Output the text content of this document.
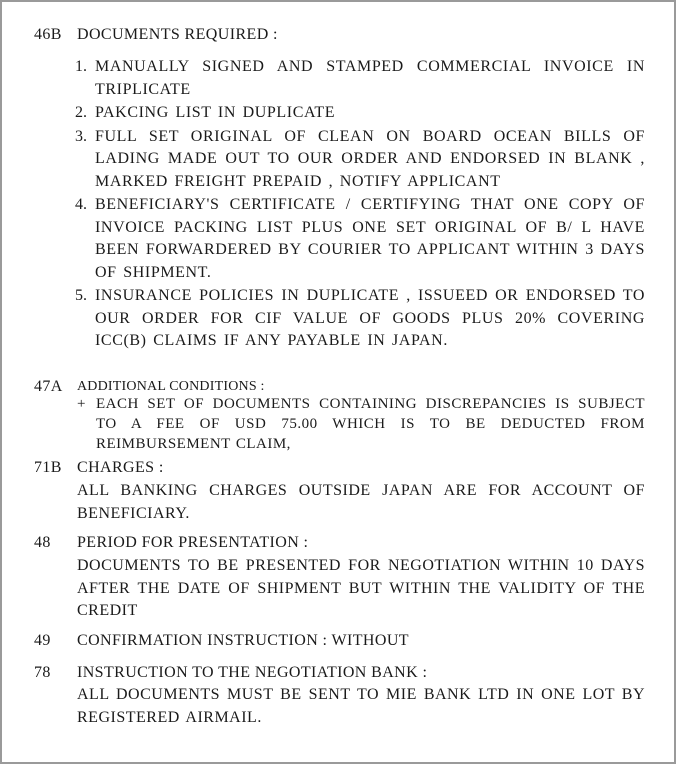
46B DOCUMENTS REQUIRED :
1. MANUALLY SIGNED AND STAMPED COMMERCIAL INVOICE IN TRIPLICATE
2. PAKCING LIST IN DUPLICATE
3. FULL SET ORIGINAL OF CLEAN ON BOARD OCEAN BILLS OF LADING MADE OUT TO OUR ORDER AND ENDORSED IN BLANK , MARKED FREIGHT PREPAID , NOTIFY APPLICANT
4. BENEFICIARY'S CERTIFICATE / CERTIFYING THAT ONE COPY OF INVOICE PACKING LIST PLUS ONE SET ORIGINAL OF B/ L HAVE BEEN FORWARDERED BY COURIER TO APPLICANT WITHIN 3 DAYS OF SHIPMENT.
5. INSURANCE POLICIES IN DUPLICATE , ISSUEED OR ENDORSED TO OUR ORDER FOR CIF VALUE OF GOODS PLUS 20% COVERING ICC(B) CLAIMS IF ANY PAYABLE IN JAPAN.
47A ADDITIONAL CONDITIONS :
+ EACH SET OF DOCUMENTS CONTAINING DISCREPANCIES IS SUBJECT TO A FEE OF USD 75.00 WHICH IS TO BE DEDUCTED FROM REIMBURSEMENT CLAIM,
71B CHARGES :
ALL BANKING CHARGES OUTSIDE JAPAN ARE FOR ACCOUNT OF BENEFICIARY.
48 PERIOD FOR PRESENTATION :
DOCUMENTS TO BE PRESENTED FOR NEGOTIATION WITHIN 10 DAYS AFTER THE DATE OF SHIPMENT BUT WITHIN THE VALIDITY OF THE CREDIT
49 CONFIRMATION INSTRUCTION : WITHOUT
78 INSTRUCTION TO THE NEGOTIATION BANK :
ALL DOCUMENTS MUST BE SENT TO MIE BANK LTD IN ONE LOT BY REGISTERED AIRMAIL.
